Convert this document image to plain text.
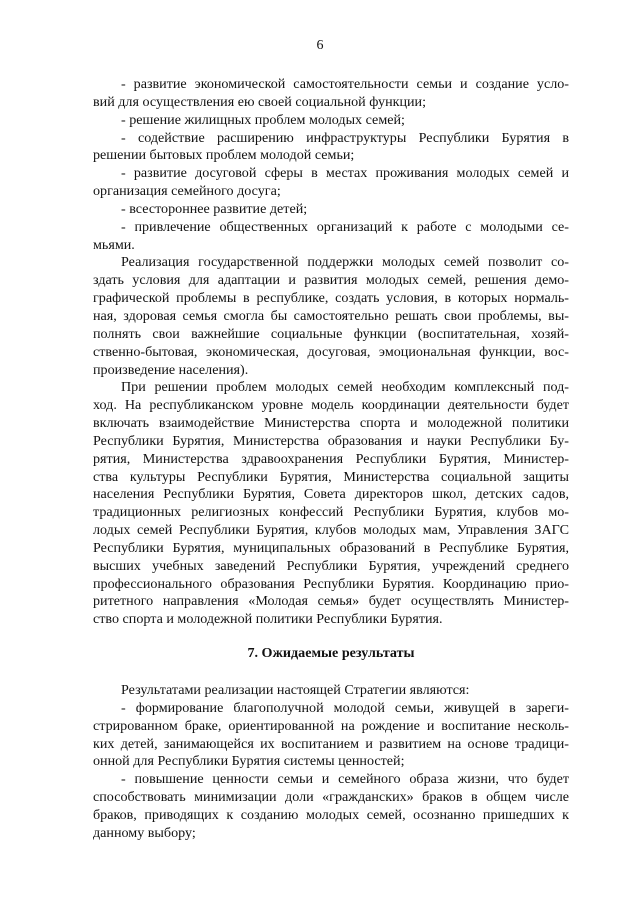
6
- развитие экономической самостоятельности семьи и создание усло-
вий для осуществления ею своей социальной функции;
- решение жилищных проблем молодых семей;
- содействие расширению инфраструктуры Республики Бурятия в
решении бытовых проблем молодой семьи;
- развитие досуговой сферы в местах проживания молодых семей и
организация семейного досуга;
- всестороннее развитие детей;
- привлечение общественных организаций к работе с молодыми се-
мьями.
Реализация государственной поддержки молодых семей позволит со-
здать условия для адаптации и развития молодых семей, решения демо-
графической проблемы в республике, создать условия, в которых нормаль-
ная, здоровая семья смогла бы самостоятельно решать свои проблемы, вы-
полнять свои важнейшие социальные функции (воспитательная, хозяй-
ственно-бытовая, экономическая, досуговая, эмоциональная функции, вос-
произведение населения).
При решении проблем молодых семей необходим комплексный под-
ход. На республиканском уровне модель координации деятельности будет
включать взаимодействие Министерства спорта и молодежной политики
Республики Бурятия, Министерства образования и науки Республики Бу-
рятия, Министерства здравоохранения Республики Бурятия, Министер-
ства культуры Республики Бурятия, Министерства социальной защиты
населения Республики Бурятия, Совета директоров школ, детских садов,
традиционных религиозных конфессий Республики Бурятия, клубов мо-
лодых семей Республики Бурятия, клубов молодых мам, Управления ЗАГС
Республики Бурятия, муниципальных образований в Республике Бурятия,
высших учебных заведений Республики Бурятия, учреждений среднего
профессионального образования Республики Бурятия. Координацию прио-
ритетного направления «Молодая семья» будет осуществлять Министер-
ство спорта и молодежной политики Республики Бурятия.
7. Ожидаемые результаты
Результатами реализации настоящей Стратегии являются:
- формирование благополучной молодой семьи, живущей в зареги-
стрированном браке, ориентированной на рождение и воспитание несколь-
ких детей, занимающейся их воспитанием и развитием на основе традици-
онной для Республики Бурятия системы ценностей;
- повышение ценности семьи и семейного образа жизни, что будет
способствовать минимизации доли «гражданских» браков в общем числе
браков, приводящих к созданию молодых семей, осознанно пришедших к
данному выбору;
